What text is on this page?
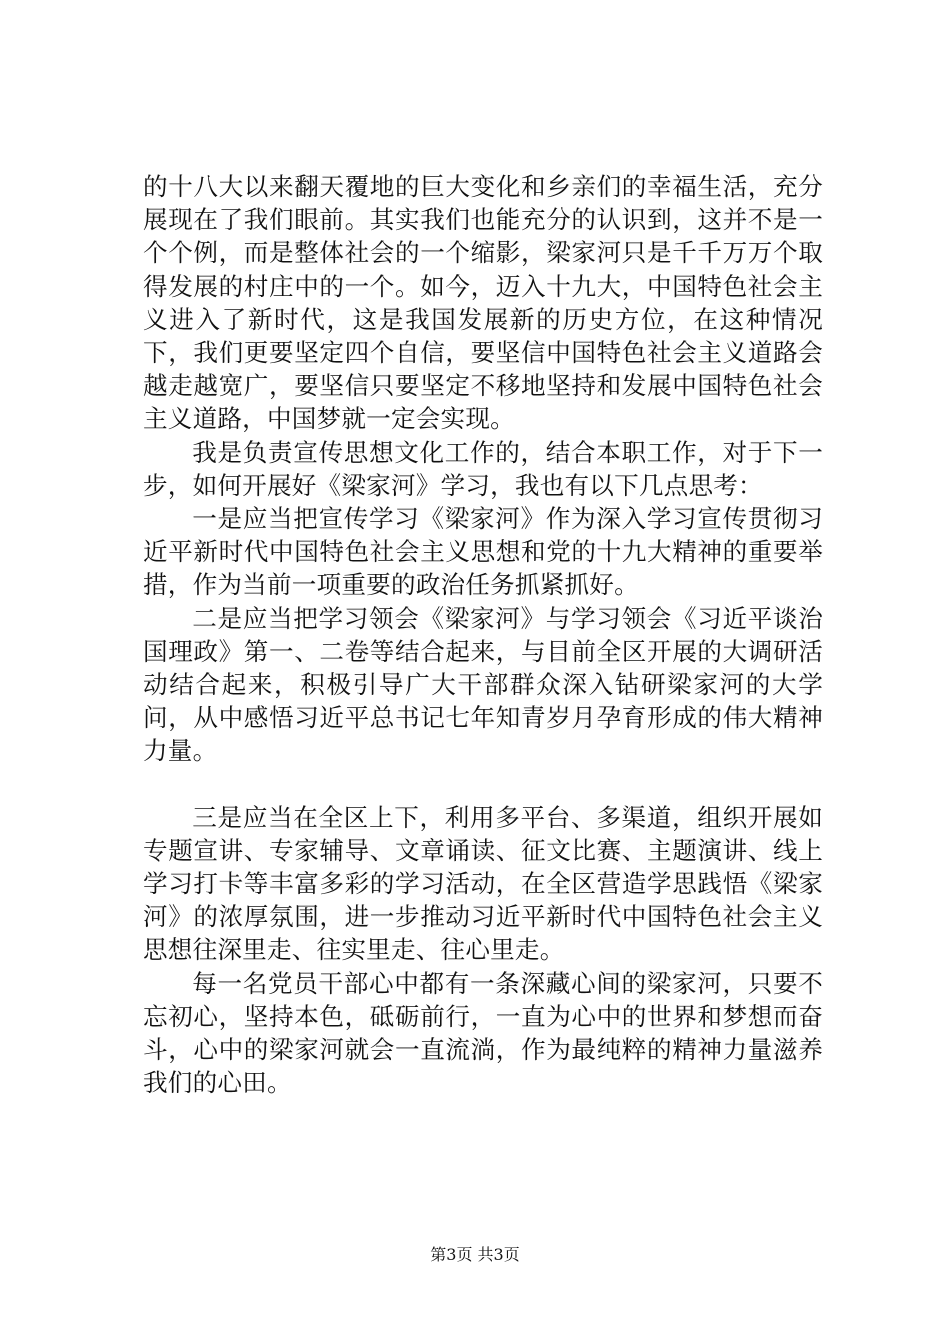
的十八大以来翻天覆地的巨大变化和乡亲们的幸福生活，充分展现在了我们眼前。其实我们也能充分的认识到，这并不是一个个例，而是整体社会的一个缩影，梁家河只是千千万万个取得发展的村庄中的一个。如今，迈入十九大，中国特色社会主义进入了新时代，这是我国发展新的历史方位，在这种情况下，我们更要坚定四个自信，要坚信中国特色社会主义道路会越走越宽广，要坚信只要坚定不移地坚持和发展中国特色社会主义道路，中国梦就一定会实现。

我是负责宣传思想文化工作的，结合本职工作，对于下一步，如何开展好《梁家河》学习，我也有以下几点思考：

一是应当把宣传学习《梁家河》作为深入学习宣传贯彻习近平新时代中国特色社会主义思想和党的十九大精神的重要举措，作为当前一项重要的政治任务抓紧抓好。

二是应当把学习领会《梁家河》与学习领会《习近平谈治国理政》第一、二卷等结合起来，与目前全区开展的大调研活动结合起来，积极引导广大干部群众深入钻研梁家河的大学问，从中感悟习近平总书记七年知青岁月孕育形成的伟大精神力量。

三是应当在全区上下，利用多平台、多渠道，组织开展如专题宣讲、专家辅导、文章诵读、征文比赛、主题演讲、线上学习打卡等丰富多彩的学习活动，在全区营造学思践悟《梁家河》的浓厚氛围，进一步推动习近平新时代中国特色社会主义思想往深里走、往实里走、往心里走。

每一名党员干部心中都有一条深藏心间的梁家河，只要不忘初心，坚持本色，砥砺前行，一直为心中的世界和梦想而奋斗，心中的梁家河就会一直流淌，作为最纯粹的精神力量滋养我们的心田。

第3页 共3页
